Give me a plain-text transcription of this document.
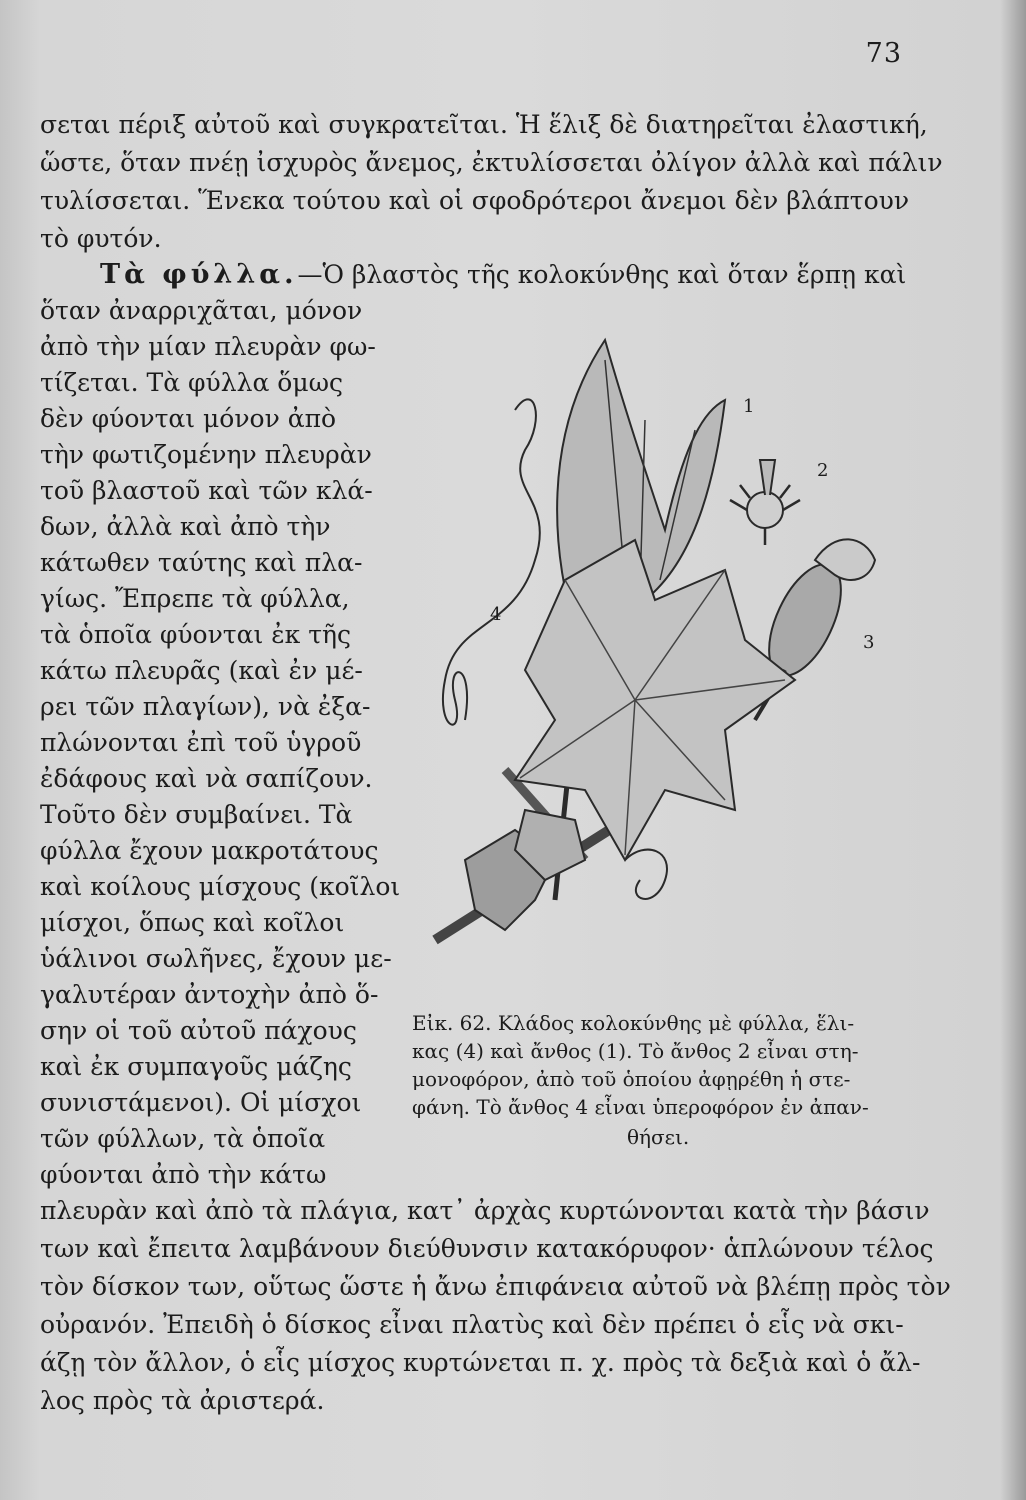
73
σεται πέριξ αὐτοῦ καὶ συγκρατεῖται. Ἡ ἕλιξ δὲ διατηρεῖται ἐλαστική,
ὥστε, ὅταν πνέῃ ἰσχυρὸς ἄνεμος, ἐκτυλίσσεται ὀλίγον ἀλλὰ καὶ πάλιν
τυλίσσεται. Ἕνεκα τούτου καὶ οἱ σφοδρότεροι ἄνεμοι δὲν βλάπτουν
τὸ φυτόν.
Τὰ φύλλα.—Ὁ βλαστὸς τῆς κολοκύνθης καὶ ὅταν ἕρπῃ καὶ
ὅταν ἀναρριχᾶται, μόνον
ἀπὸ τὴν μίαν πλευρὰν φω-
τίζεται. Τὰ φύλλα ὅμως
δὲν φύονται μόνον ἀπὸ
τὴν φωτιζομένην πλευρὰν
τοῦ βλαστοῦ καὶ τῶν κλά-
δων, ἀλλὰ καὶ ἀπὸ τὴν
κάτωθεν ταύτης καὶ πλα-
γίως. Ἔπρεπε τὰ φύλλα,
τὰ ὁποῖα φύονται ἐκ τῆς
κάτω πλευρᾶς (καὶ ἐν μέ-
ρει τῶν πλαγίων), νὰ ἐξα-
πλώνονται ἐπὶ τοῦ ὑγροῦ
ἐδάφους καὶ νὰ σαπίζουν.
Τοῦτο δὲν συμβαίνει. Τὰ
φύλλα ἔχουν μακροτάτους
καὶ κοίλους μίσχους (κοῖλοι
μίσχοι, ὅπως καὶ κοῖλοι
ὑάλινοι σωλῆνες, ἔχουν με-
γαλυτέραν ἀντοχὴν ἀπὸ ὅ-
σην οἱ τοῦ αὐτοῦ πάχους
καὶ ἐκ συμπαγοῦς μάζης
συνιστάμενοι). Οἱ μίσχοι
τῶν φύλλων, τὰ ὁποῖα
φύονται ἀπὸ τὴν κάτω
1
2
3
4
Εἰκ. 62. Κλάδος κολοκύνθης μὲ φύλλα, ἕλι-
κας (4) καὶ ἄνθος (1). Τὸ ἄνθος 2 εἶναι στη-
μονοφόρον, ἀπὸ τοῦ ὁποίου ἀφῃρέθη ἡ στε-
φάνη. Τὸ ἄνθος 4 εἶναι ὑπεροφόρον ἐν ἀπαν-
θήσει.
πλευρὰν καὶ ἀπὸ τὰ πλάγια, κατ᾿ ἀρχὰς κυρτώνονται κατὰ τὴν βάσιν
των καὶ ἔπειτα λαμβάνουν διεύθυνσιν κατακόρυφον· ἁπλώνουν τέλος
τὸν δίσκον των, οὕτως ὥστε ἡ ἄνω ἐπιφάνεια αὐτοῦ νὰ βλέπῃ πρὸς τὸν
οὐρανόν. Ἐπειδὴ ὁ δίσκος εἶναι πλατὺς καὶ δὲν πρέπει ὁ εἷς νὰ σκι-
άζῃ τὸν ἄλλον, ὁ εἷς μίσχος κυρτώνεται π. χ. πρὸς τὰ δεξιὰ καὶ ὁ ἄλ-
λος πρὸς τὰ ἀριστερά.
